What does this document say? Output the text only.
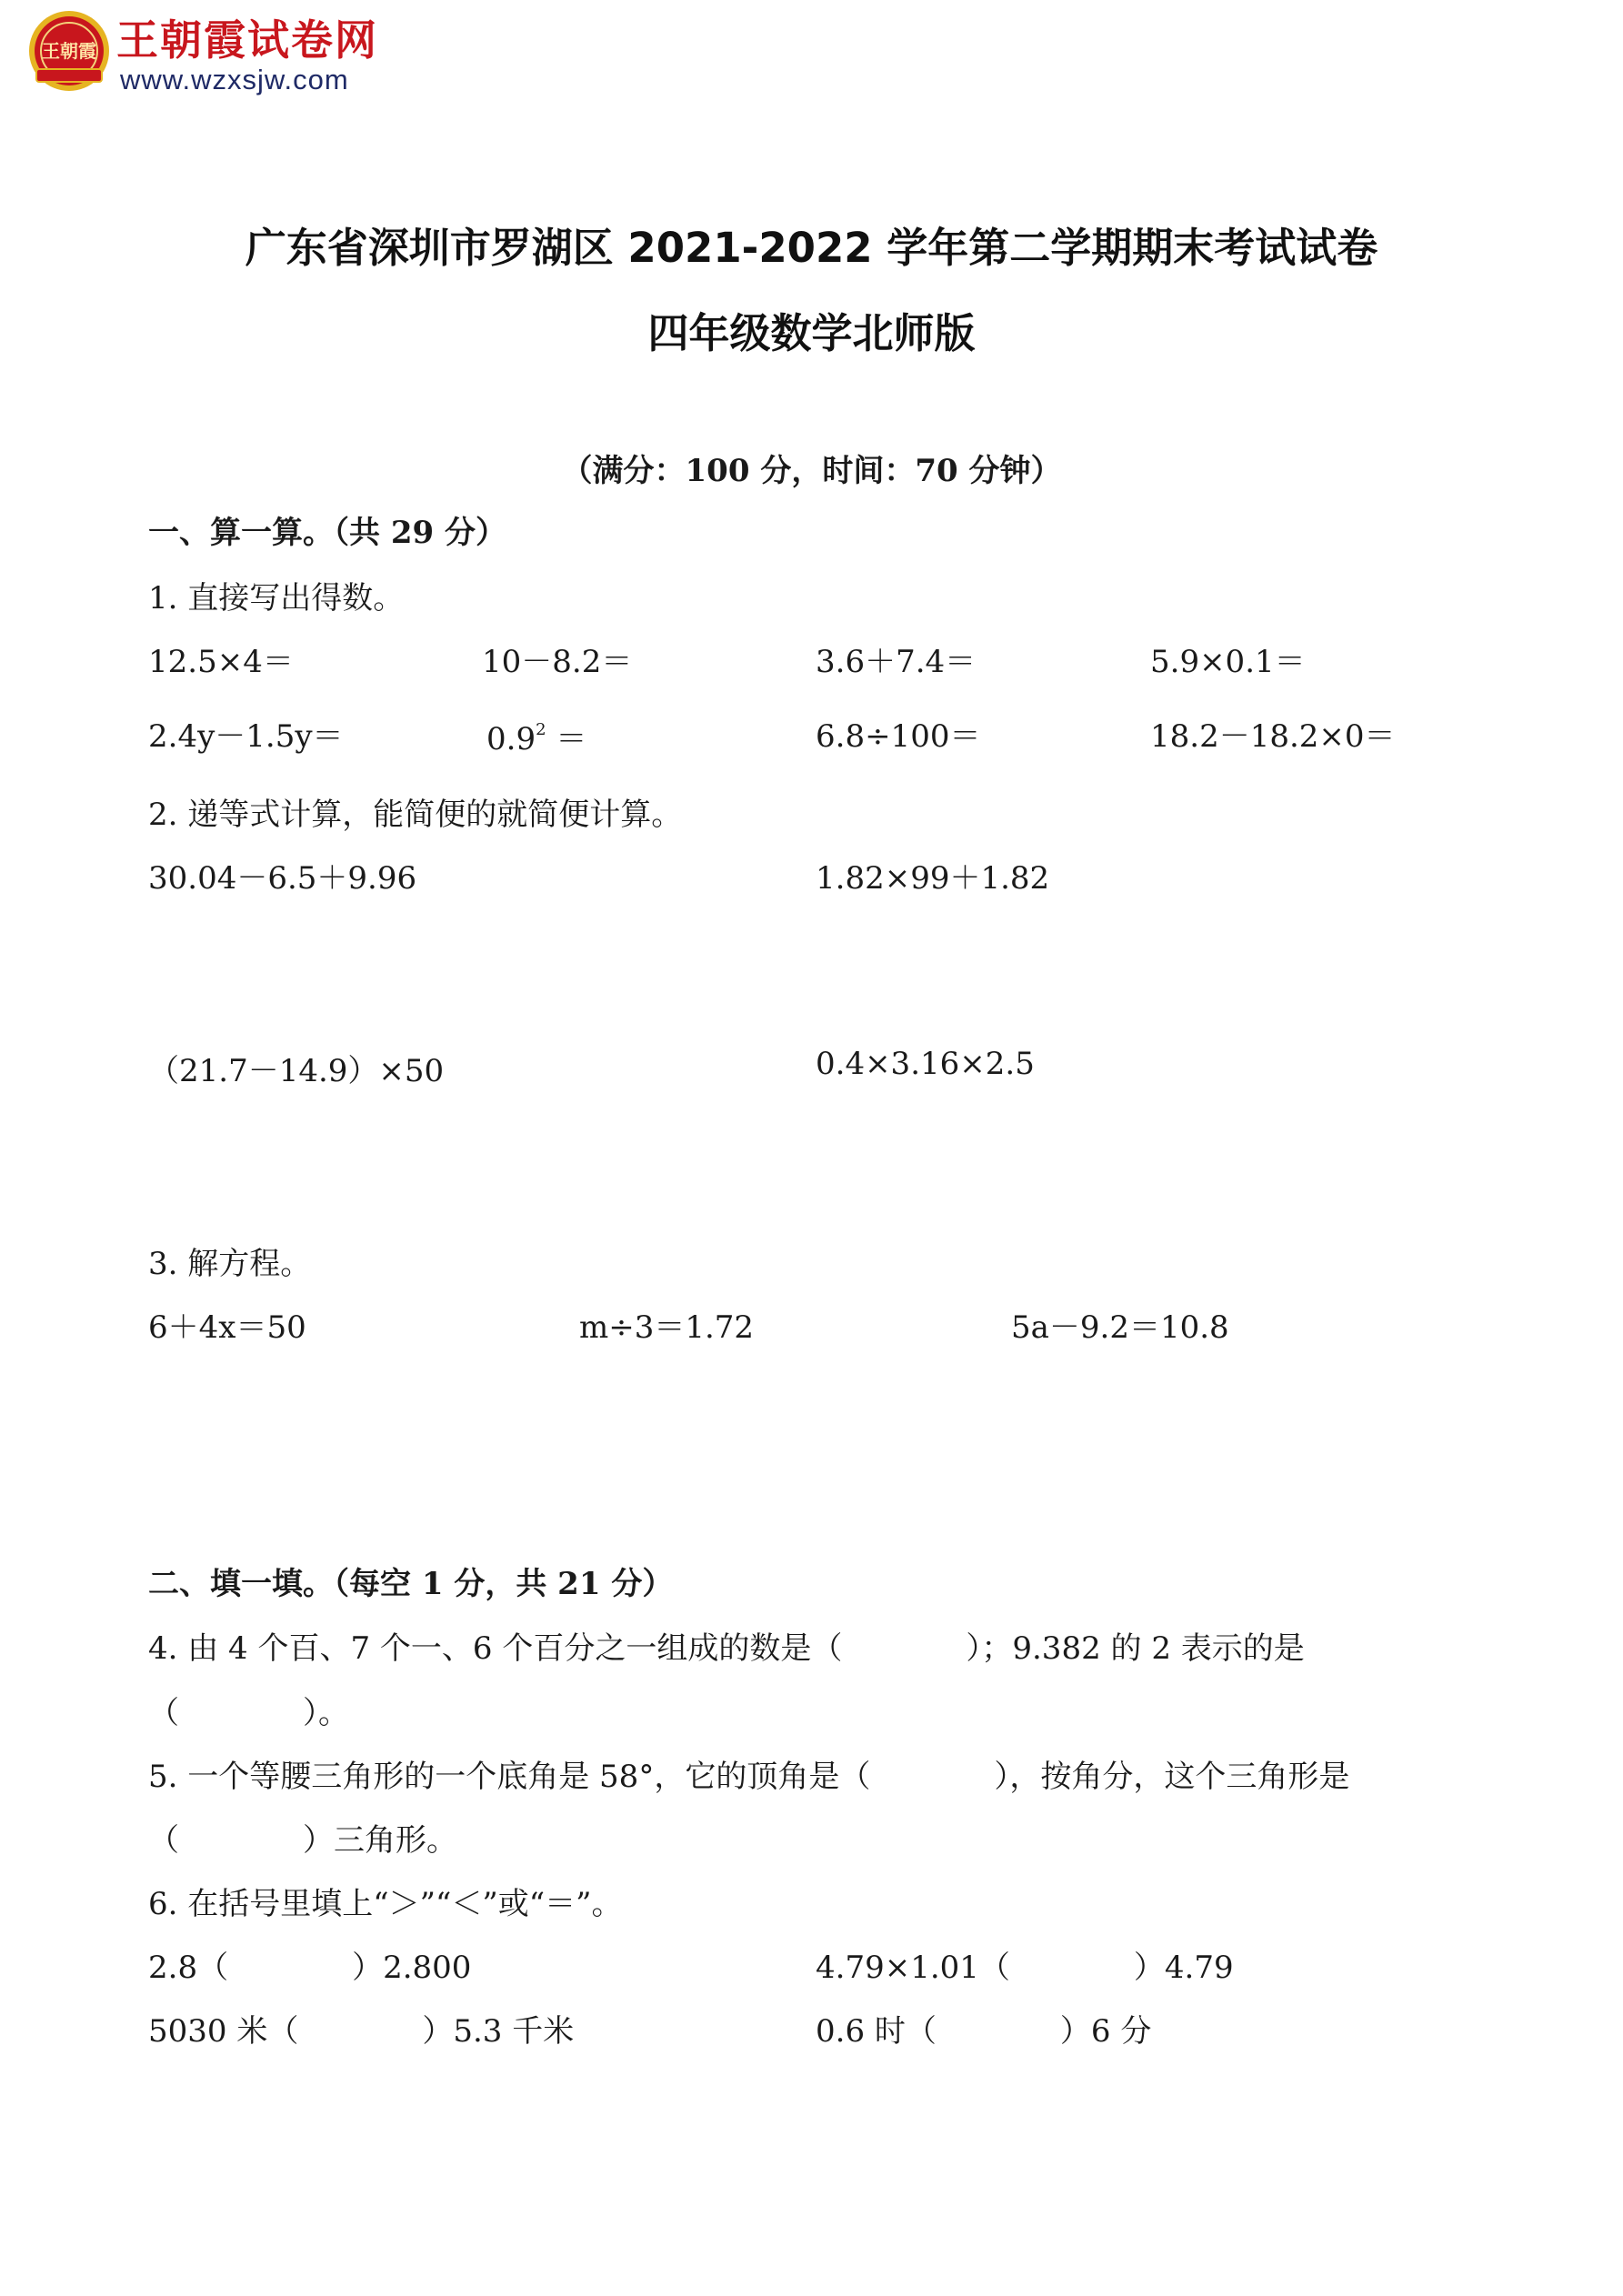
王朝霞 王朝霞试卷网
www.wzxsjw.com
广东省深圳市罗湖区 2021-2022 学年第二学期期末考试试卷
四年级数学北师版
（满分：100 分，时间：70 分钟）
一、算一算。（共 29 分）
1. 直接写出得数。
12.5×4＝	10－8.2＝	3.6＋7.4＝	5.9×0.1＝
2.4y－1.5y＝	$0.9^2$ ＝	6.8÷100＝	18.2－18.2×0＝
2. 递等式计算，能简便的就简便计算。
30.04－6.5＋9.96	1.82×99＋1.82
（21.7－14.9）×50	0.4×3.16×2.5
3. 解方程。
6＋4x＝50	m÷3＝1.72	5a－9.2＝10.8
二、填一填。（每空 1 分，共 21 分）
4. 由 4 个百、7 个一、6 个百分之一组成的数是（　　　　）；9.382 的 2 表示的是
（　　　　）。
5. 一个等腰三角形的一个底角是 58°，它的顶角是（　　　　），按角分，这个三角形是
（　　　　）三角形。
6. 在括号里填上“＞”“＜”或“＝”。
2.8（　　　　）2.800	4.79×1.01（　　　　）4.79
5030 米（　　　　）5.3 千米	0.6 时（　　　　）6 分
